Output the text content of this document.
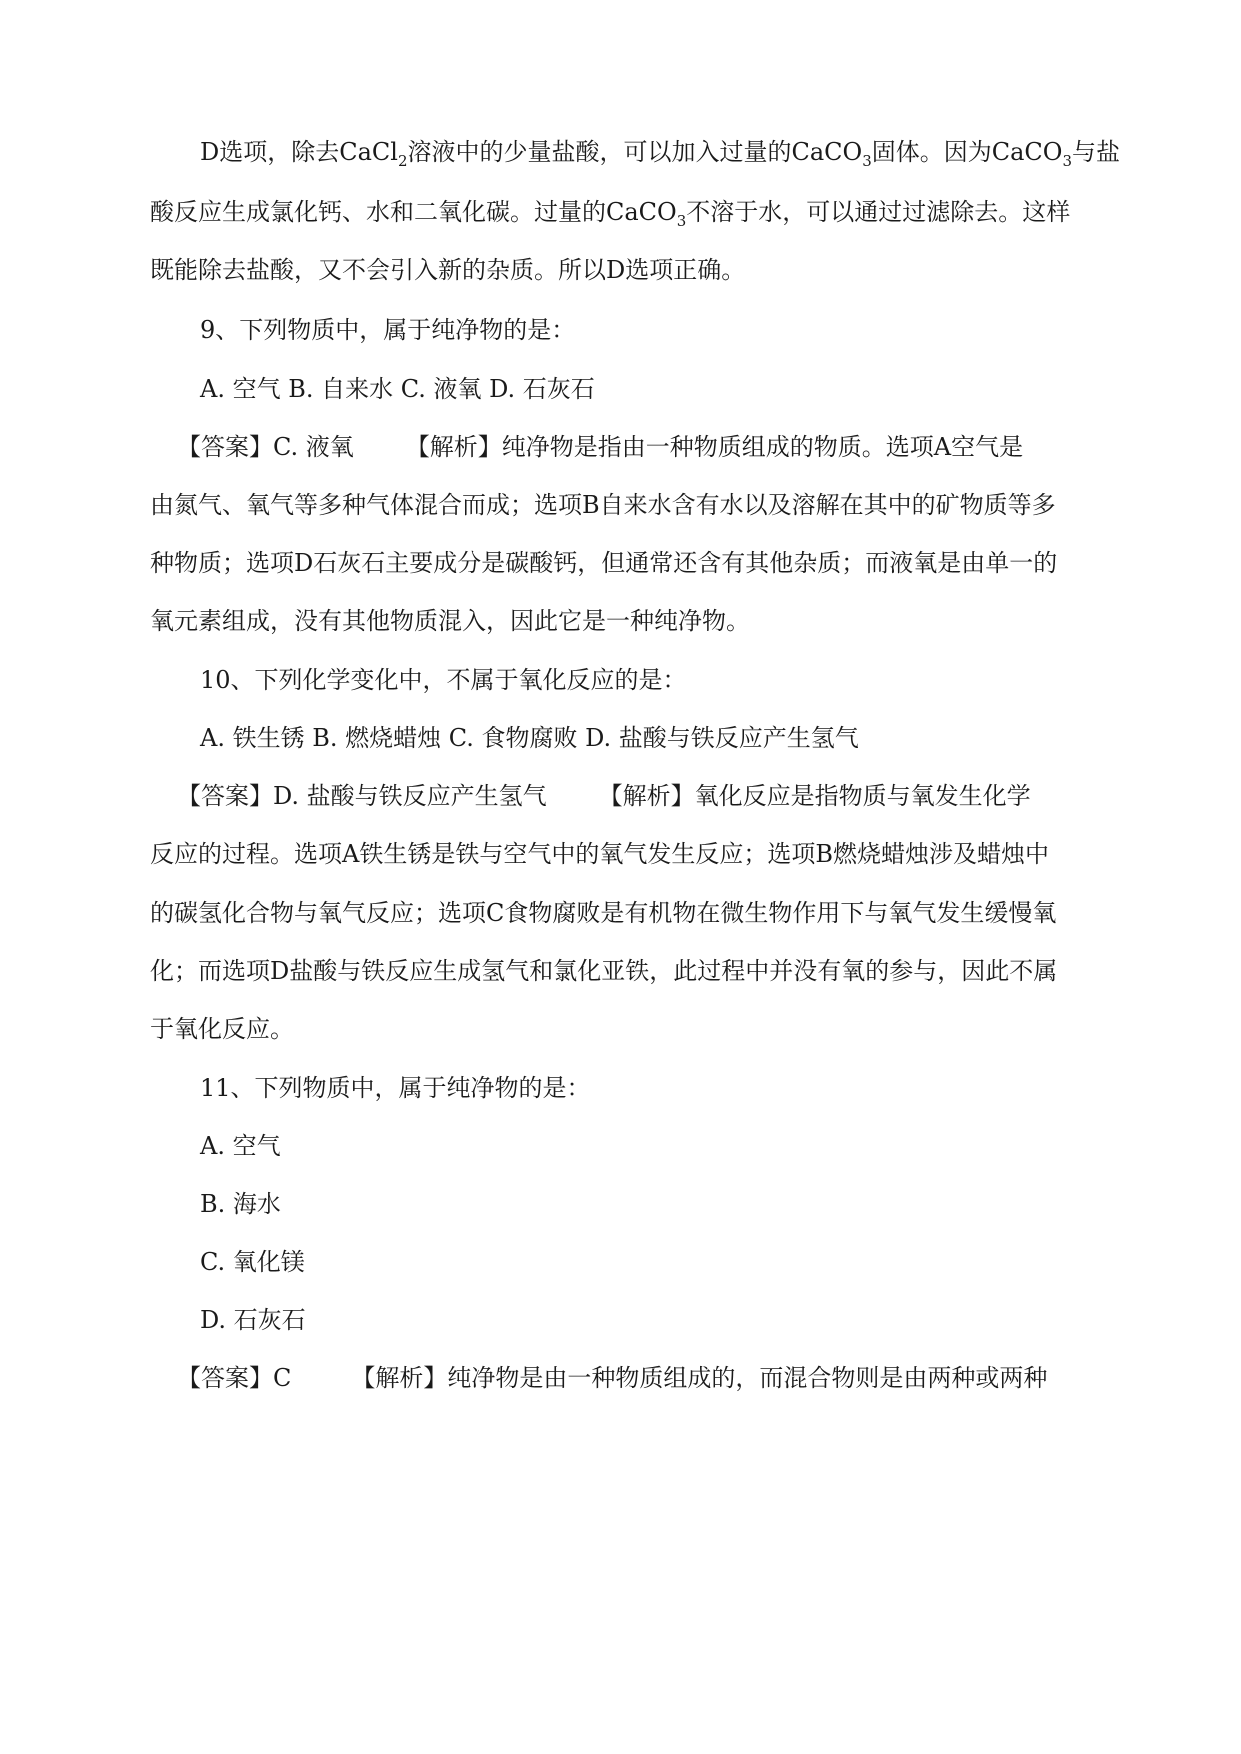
D选项，除去CaCl$_2$溶液中的少量盐酸，可以加入过量的CaCO$_3$固体。因为CaCO$_3$与盐
酸反应生成氯化钙、水和二氧化碳。过量的CaCO$_3$不溶于水，可以通过过滤除去。这样
既能除去盐酸，又不会引入新的杂质。所以D选项正确。
9、下列物质中，属于纯净物的是：
A. 空气 B. 自来水 C. 液氧 D. 石灰石
【答案】C. 液氧 【解析】纯净物是指由一种物质组成的物质。选项A空气是
由氮气、氧气等多种气体混合而成；选项B自来水含有水以及溶解在其中的矿物质等多
种物质；选项D石灰石主要成分是碳酸钙，但通常还含有其他杂质；而液氧是由单一的
氧元素组成，没有其他物质混入，因此它是一种纯净物。
10、下列化学变化中，不属于氧化反应的是：
A. 铁生锈 B. 燃烧蜡烛 C. 食物腐败 D. 盐酸与铁反应产生氢气
【答案】D. 盐酸与铁反应产生氢气 【解析】氧化反应是指物质与氧发生化学
反应的过程。选项A铁生锈是铁与空气中的氧气发生反应；选项B燃烧蜡烛涉及蜡烛中
的碳氢化合物与氧气反应；选项C食物腐败是有机物在微生物作用下与氧气发生缓慢氧
化；而选项D盐酸与铁反应生成氢气和氯化亚铁，此过程中并没有氧的参与，因此不属
于氧化反应。
11、下列物质中，属于纯净物的是：
A. 空气
B. 海水
C. 氧化镁
D. 石灰石
【答案】C	【解析】纯净物是由一种物质组成的，而混合物则是由两种或两种
